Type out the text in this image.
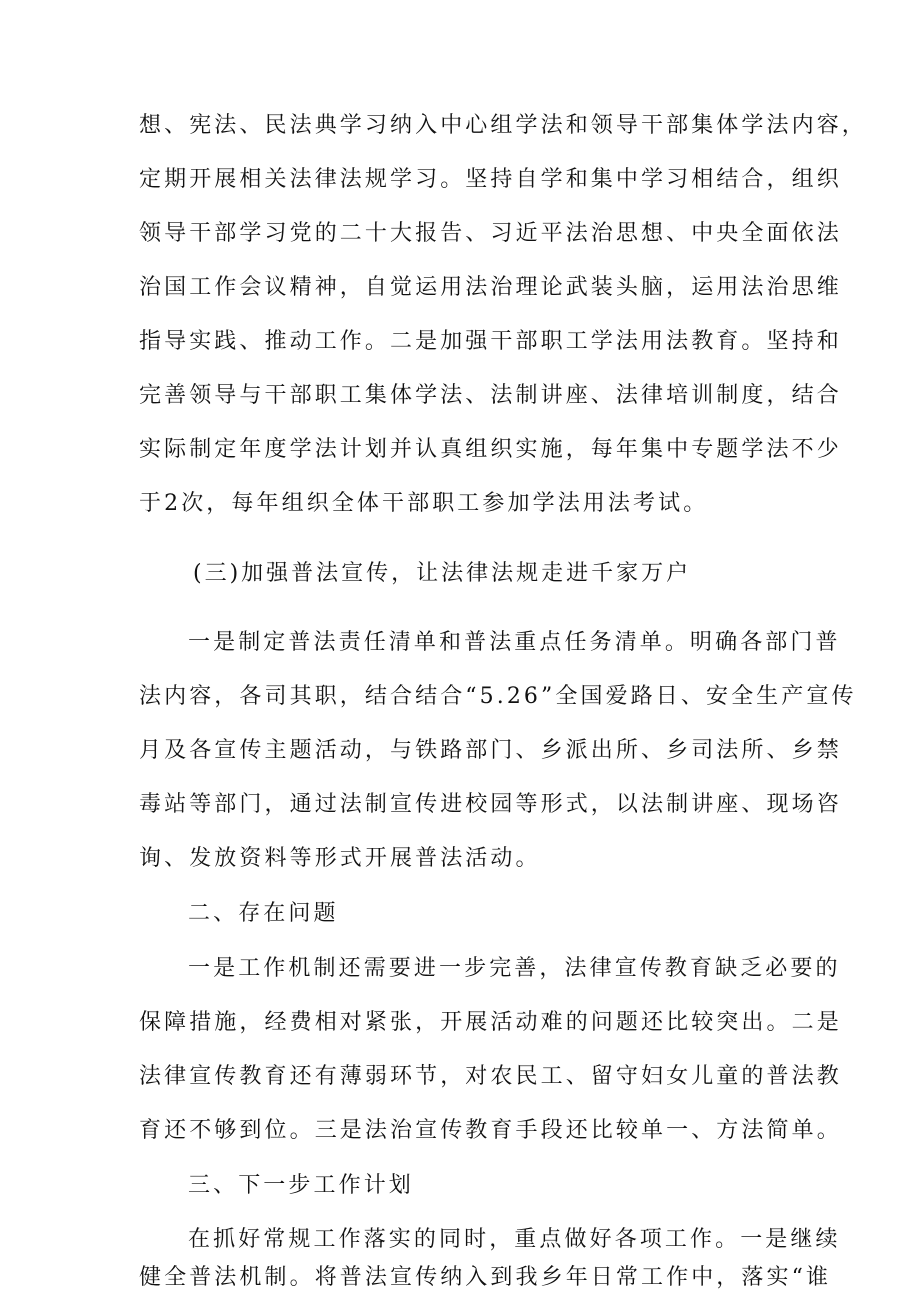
想、宪法、民法典学习纳入中心组学法和领导干部集体学法内容，
定期开展相关法律法规学习。坚持自学和集中学习相结合，组织
领导干部学习党的二十大报告、习近平法治思想、中央全面依法
治国工作会议精神，自觉运用法治理论武装头脑，运用法治思维
指导实践、推动工作。二是加强干部职工学法用法教育。坚持和
完善领导与干部职工集体学法、法制讲座、法律培训制度，结合
实际制定年度学法计划并认真组织实施，每年集中专题学法不少
于2次，每年组织全体干部职工参加学法用法考试。
(三)加强普法宣传，让法律法规走进千家万户
一是制定普法责任清单和普法重点任务清单。明确各部门普
法内容，各司其职，结合结合“5.26”全国爱路日、安全生产宣传
月及各宣传主题活动，与铁路部门、乡派出所、乡司法所、乡禁
毒站等部门，通过法制宣传进校园等形式，以法制讲座、现场咨
询、发放资料等形式开展普法活动。
二、存在问题
一是工作机制还需要进一步完善，法律宣传教育缺乏必要的
保障措施，经费相对紧张，开展活动难的问题还比较突出。二是
法律宣传教育还有薄弱环节，对农民工、留守妇女儿童的普法教
育还不够到位。三是法治宣传教育手段还比较单一、方法简单。
三、下一步工作计划
在抓好常规工作落实的同时，重点做好各项工作。一是继续
健全普法机制。将普法宣传纳入到我乡年日常工作中，落实“谁
